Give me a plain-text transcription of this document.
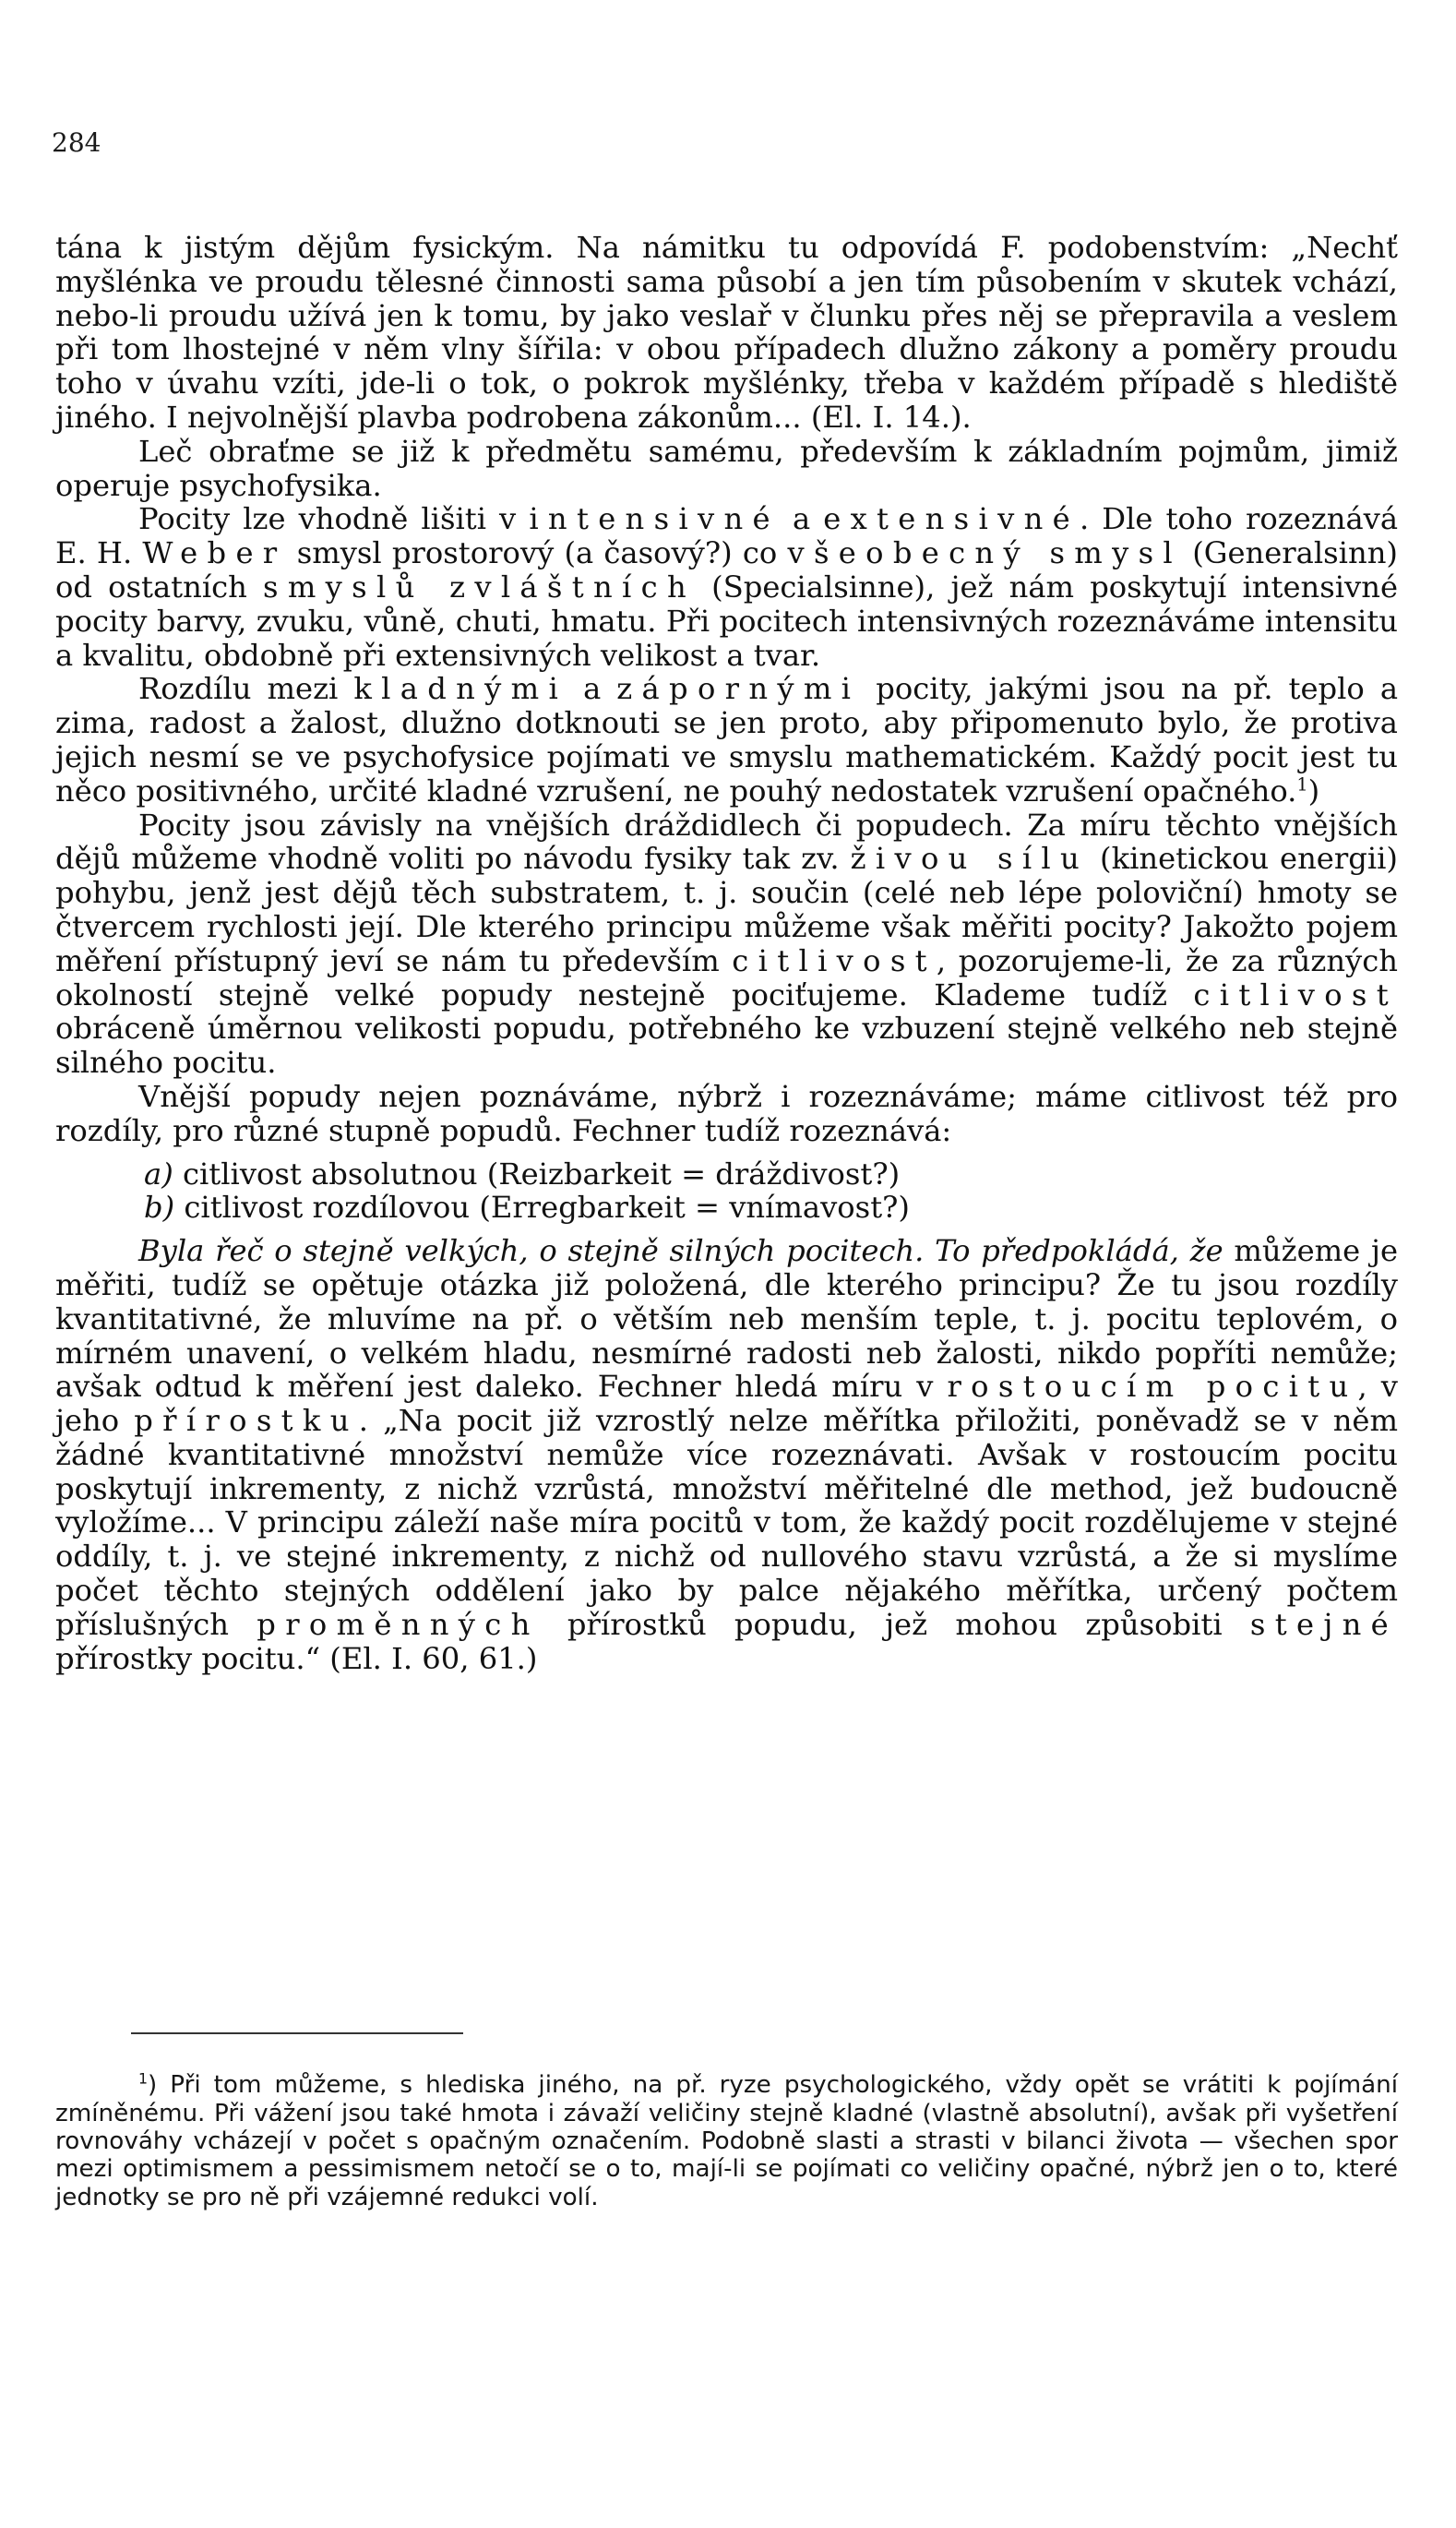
284

tána k jistým dějům fysickým. Na námitku tu odpovídá F. podobenstvím: „Nechť myšlénka ve proudu tělesné činnosti sama působí a jen tím působením v skutek vchází, nebo-li proudu užívá jen k tomu, by jako veslař v člunku přes něj se přepravila a veslem při tom lhostejné v něm vlny šířila: v obou případech dlužno zákony a poměry proudu toho v úvahu vzíti, jde-li o tok, o pokrok myšlénky, třeba v každém případě s hlediště jiného. I nejvolnější plavba podrobena zákonům... (El. I. 14.).

Leč obraťme se již k předmětu samému, především k základním pojmům, jimiž operuje psychofysika.

Pocity lze vhodně lišiti v intensivné a extensivné. Dle toho rozeznává E. H. Weber smysl prostorový (a časový?) co všeobecný smysl (Generalsinn) od ostatních smyslů zvláštních (Specialsinne), jež nám poskytují intensivné pocity barvy, zvuku, vůně, chuti, hmatu. Při pocitech intensivných rozeznáváme intensitu a kvalitu, obdobně při extensivných velikost a tvar.

Rozdílu mezi kladnými a zápornými pocity, jakými jsou na př. teplo a zima, radost a žalost, dlužno dotknouti se jen proto, aby připomenuto bylo, že protiva jejich nesmí se ve psychofysice pojímati ve smyslu mathematickém. Každý pocit jest tu něco positivného, určité kladné vzrušení, ne pouhý nedostatek vzrušení opačného.$^1$)

Pocity jsou závisly na vnějších dráždidlech či popudech. Za míru těchto vnějších dějů můžeme vhodně voliti po návodu fysiky tak zv. živou sílu (kinetickou energii) pohybu, jenž jest dějů těch substratem, t. j. součin (celé neb lépe poloviční) hmoty se čtvercem rychlosti její. Dle kterého principu můžeme však měřiti pocity? Jakožto pojem měření přístupný jeví se nám tu především citlivost, pozorujeme-li, že za různých okolností stejně velké popudy nestejně pociťujeme. Klademe tudíž citlivost obráceně úměrnou velikosti popudu, potřebného ke vzbuzení stejně velkého neb stejně silného pocitu.

Vnější popudy nejen poznáváme, nýbrž i rozeznáváme; máme citlivost též pro rozdíly, pro různé stupně popudů. Fechner tudíž rozeznává:

a) citlivost absolutnou (Reizbarkeit = dráždivost?)

b) citlivost rozdílovou (Erregbarkeit = vnímavost?)

Byla řeč o stejně velkých, o stejně silných pocitech. To předpokládá, že můžeme je měřiti, tudíž se opětuje otázka již položená, dle kterého principu? Že tu jsou rozdíly kvantitativné, že mluvíme na př. o větším neb menším teple, t. j. pocitu teplovém, o mírném unavení, o velkém hladu, nesmírné radosti neb žalosti, nikdo popříti nemůže; avšak odtud k měření jest daleko. Fechner hledá míru v rostoucím pocitu, v jeho přírostku. „Na pocit již vzrostlý nelze měřítka přiložiti, poněvadž se v něm žádné kvantitativné množství nemůže více rozeznávati. Avšak v rostoucím pocitu poskytují inkrementy, z nichž vzrůstá, množství měřitelné dle method, jež budoucně vyložíme... V principu záleží naše míra pocitů v tom, že každý pocit rozdělujeme v stejné oddíly, t. j. ve stejné inkrementy, z nichž od nullového stavu vzrůstá, a že si myslíme počet těchto stejných oddělení jako by palce nějakého měřítka, určený počtem příslušných proměnných přírostků popudu, jež mohou způsobiti stejné přírostky pocitu.“ (El. I. 60, 61.)

$^1$) Při tom můžeme, s hlediska jiného, na př. ryze psychologického, vždy opět se vrátiti k pojímání zmíněnému. Při vážení jsou také hmota i závaží veličiny stejně kladné (vlastně absolutní), avšak při vyšetření rovnováhy vcházejí v počet s opačným označením. Podobně slasti a strasti v bilanci života — všechen spor mezi optimismem a pessimismem netočí se o to, mají-li se pojímati co veličiny opačné, nýbrž jen o to, které jednotky se pro ně při vzájemné redukci volí.
